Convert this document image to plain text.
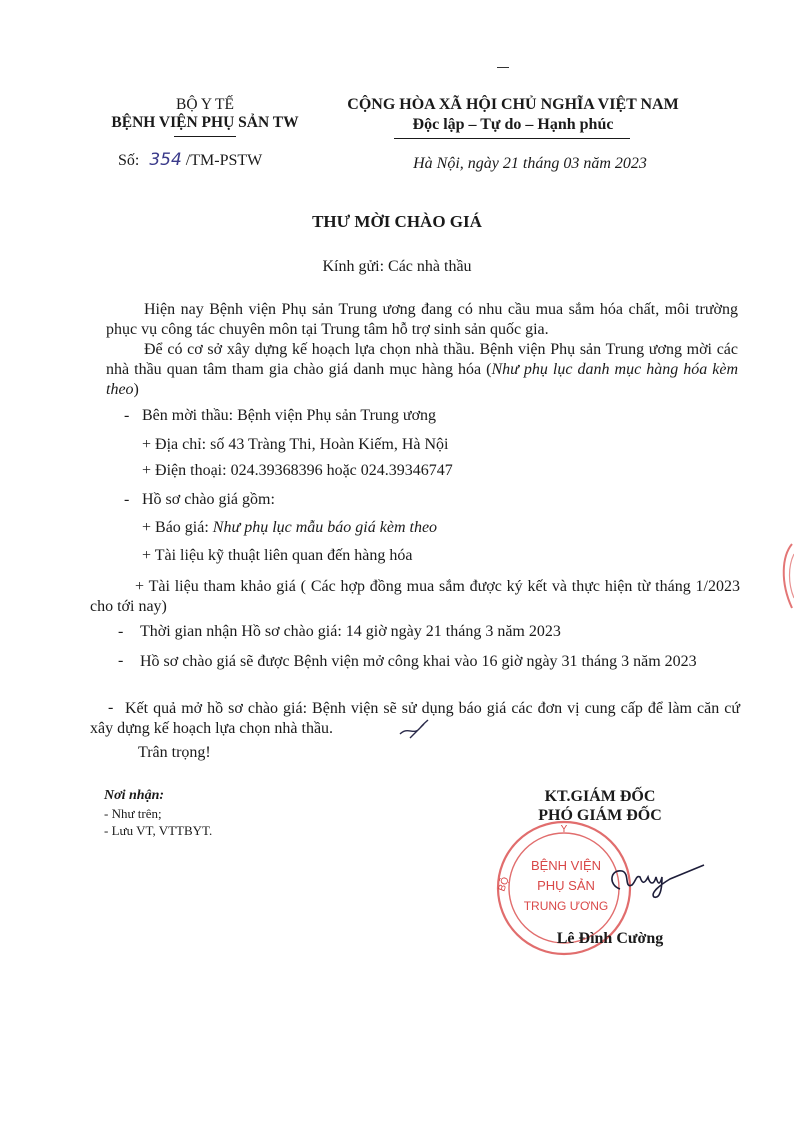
BỘ Y TẾ
BỆNH VIỆN PHỤ SẢN TW
Số: 354 /TM-PSTW
CỘNG HÒA XÃ HỘI CHỦ NGHĨA VIỆT NAM
Độc lập – Tự do – Hạnh phúc
Hà Nội, ngày 21 tháng 03 năm 2023
THƯ MỜI CHÀO GIÁ
Kính gửi: Các nhà thầu
Hiện nay Bệnh viện Phụ sản Trung ương đang có nhu cầu mua sắm hóa chất, môi trường phục vụ công tác chuyên môn tại Trung tâm hỗ trợ sinh sản quốc gia.
Để có cơ sở xây dựng kế hoạch lựa chọn nhà thầu. Bệnh viện Phụ sản Trung ương mời các nhà thầu quan tâm tham gia chào giá danh mục hàng hóa (Như phụ lục danh mục hàng hóa kèm theo)
- Bên mời thầu: Bệnh viện Phụ sản Trung ương
+ Địa chỉ: số 43 Tràng Thi, Hoàn Kiếm, Hà Nội
+ Điện thoại: 024.39368396 hoặc 024.39346747
- Hồ sơ chào giá gồm:
+ Báo giá: Như phụ lục mẫu báo giá kèm theo
+ Tài liệu kỹ thuật liên quan đến hàng hóa
+ Tài liệu tham khảo giá ( Các hợp đồng mua sắm được ký kết và thực hiện từ tháng 1/2023 cho tới nay)
- Thời gian nhận Hồ sơ chào giá: 14 giờ ngày 21 tháng 3 năm 2023
-	Hồ sơ chào giá sẽ được Bệnh viện mở công khai vào 16 giờ ngày 31 tháng 3 năm 2023
- Kết quả mở hồ sơ chào giá: Bệnh viện sẽ sử dụng báo giá các đơn vị cung cấp để làm căn cứ xây dựng kế hoạch lựa chọn nhà thầu.
Trân trọng!
Nơi nhận:
- Như trên;
- Lưu VT, VTTBYT.
KT.GIÁM ĐỐC
PHÓ GIÁM ĐỐC
Y
BỘ
BỆNH VIỆN
PHỤ SẢN
TRUNG ƯƠNG
Lê Đình Cường
